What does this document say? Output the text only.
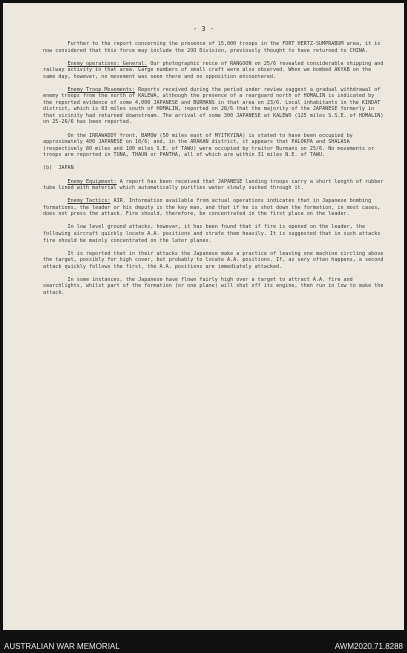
- 3 -

Further to the report concerning the presence of 15,000 troops in the FORT HERTZ-SUMPRABUM area, it is now considered that this force may include the 2OO Division, previously thought to have returned to CHINA.

Enemy operations: General. Our photographic recce of RANGOON on 25/6 revealed considerable shipping and railway activity in that area. Large numbers of small craft were also observed. When we bombed AKYAB on the same day, however, no movement was seen there and no opposition encountered.

Enemy Troop Movements: Reports received during the period under review suggest a gradual withdrawal of enemy troops from the north of KALEWA, although the presence of a rearguard north of HOMALIN is indicated by the reported evidence of some 4,000 JAPANESE and BURMANS in that area on 23/6. Local inhabitants in the KINDAT district, which is 83 miles south of HOMALIN, reported on 28/6 that the majority of the JAPANESE formerly in that vicinity had returned downstream. The arrival of some 300 JAPANESE at KALEWO (125 miles S.S.E. of HOMALIN) on 25-26/6 has been reported.

On the IRRAWADDY front, BAMOW (50 miles east of MYITKYINA) is stated to have been occupied by approximately 400 JAPANESE on 10/6; and, in the ARAKAN district, it appears that PALOKPA and SHALASA (respectively 80 miles and 100 miles S.E. of TAWU) were occupied by traitor Burmans on 25/6. No movements or troops are reported in TUNA, THAUN or PANTHA, all of which are within 31 miles N.E. of TAWU.

(b)  JAPAN

Enemy Equipment: A report has been received that JAPANESE landing troops carry a short length of rubber tube lined with material which automatically purifies water slowly sucked through it.

Enemy Tactics: AIR. Information available from actual operations indicates that in Japanese bombing formations, the leader or his deputy is the key man, and that if he is shot down the formation, in most cases, does not press the attack. Fire should, therefore, be concentrated in the first place on the leader.

In low level ground attacks, however, it has been found that if fire is opened on the leader, the following aircraft quickly locate A.A. positions and strafe them heavily. It is suggested that in such attacks fire should be mainly concentrated on the later planes.

It is reported that in their attacks the Japanese make a practice of leaving one machine circling above the target, possibly for high cover, but probably to locate A.A. positions. If, as very often happens, a second attack quickly follows the first, the A.A. positions are immediately attacked.

In some instances, the Japanese have flown fairly high over a target to attract A.A. fire and searchlights, whilst part of the formation (or one plane) will shut off its engine, then run in low to make the attack.

AUSTRALIAN WAR MEMORIAL	AWM2020.71.8288
